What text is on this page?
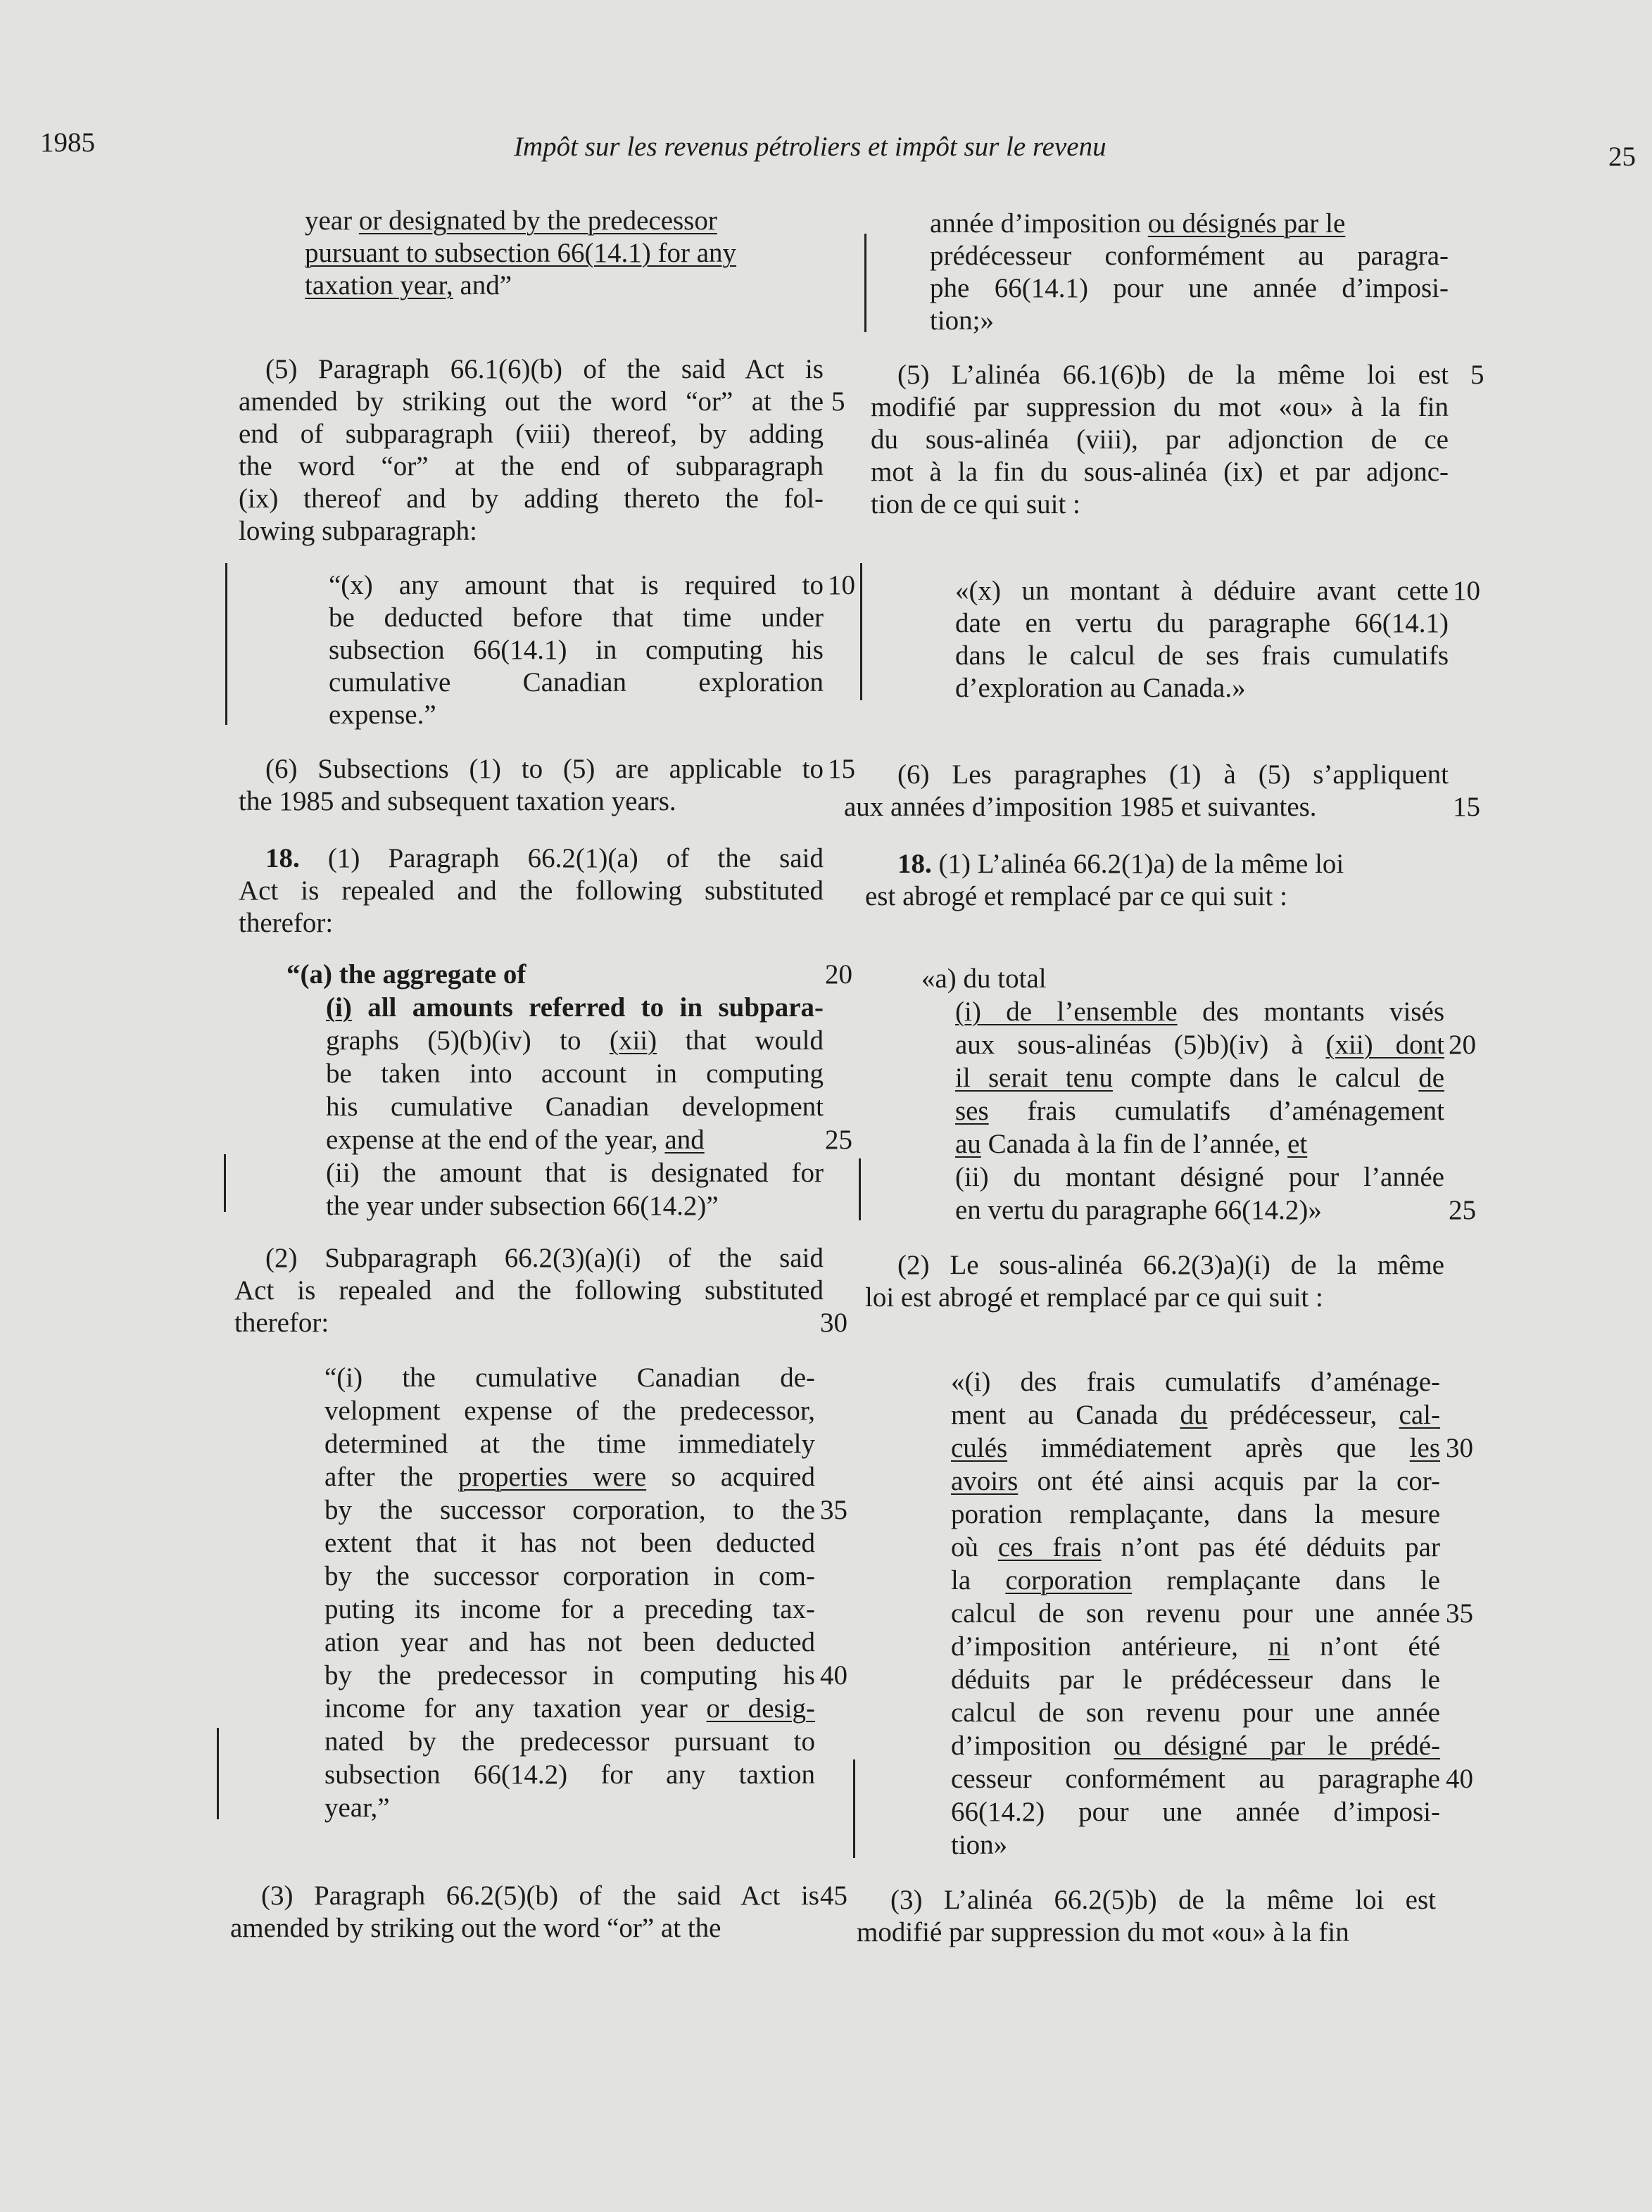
1985	Impôt sur les revenus pétroliers et impôt sur le revenu	25
year or designated by the predecessor
pursuant to subsection 66(14.1) for any
taxation year, and”
(5) Paragraph 66.1(6)(b) of the said Act is
amended by striking out the word “or” at the
end of subparagraph (viii) thereof, by adding
the word “or” at the end of subparagraph
(ix) thereof and by adding thereto the fol-
lowing subparagraph:
“(x) any amount that is required to
be deducted before that time under
subsection 66(14.1) in computing his
cumulative Canadian exploration
expense.”
(6) Subsections (1) to (5) are applicable to
the 1985 and subsequent taxation years.
18. (1) Paragraph 66.2(1)(a) of the said
Act is repealed and the following substituted
therefor:
“(a) the aggregate of
(i) all amounts referred to in subpara-
graphs (5)(b)(iv) to (xii) that would
be taken into account in computing
his cumulative Canadian development
expense at the end of the year, and
(ii) the amount that is designated for
the year under subsection 66(14.2)”
(2) Subparagraph 66.2(3)(a)(i) of the said
Act is repealed and the following substituted
therefor:
“(i) the cumulative Canadian de-
velopment expense of the predecessor,
determined at the time immediately
after the properties were so acquired
by the successor corporation, to the
extent that it has not been deducted
by the successor corporation in com-
puting its income for a preceding tax-
ation year and has not been deducted
by the predecessor in computing his
income for any taxation year or desig-
nated by the predecessor pursuant to
subsection 66(14.2) for any taxtion
year,”
(3) Paragraph 66.2(5)(b) of the said Act is
amended by striking out the word “or” at the
5
10
15
20
25
30
35
40
45
année d’imposition ou désignés par le
prédécesseur conformément au paragra-
phe 66(14.1) pour une année d’imposi-
tion;»
(5) L’alinéa 66.1(6)b) de la même loi est
modifié par suppression du mot «ou» à la fin
du sous-alinéa (viii), par adjonction de ce
mot à la fin du sous-alinéa (ix) et par adjonc-
tion de ce qui suit :
«(x) un montant à déduire avant cette
date en vertu du paragraphe 66(14.1)
dans le calcul de ses frais cumulatifs
d’exploration au Canada.»
(6) Les paragraphes (1) à (5) s’appliquent
aux années d’imposition 1985 et suivantes.
18. (1) L’alinéa 66.2(1)a) de la même loi
est abrogé et remplacé par ce qui suit :
«a) du total
(i) de l’ensemble des montants visés
aux sous-alinéas (5)b)(iv) à (xii) dont
il serait tenu compte dans le calcul de
ses frais cumulatifs d’aménagement
au Canada à la fin de l’année, et
(ii) du montant désigné pour l’année
en vertu du paragraphe 66(14.2)»
(2) Le sous-alinéa 66.2(3)a)(i) de la même
loi est abrogé et remplacé par ce qui suit :
«(i) des frais cumulatifs d’aménage-
ment au Canada du prédécesseur, cal-
culés immédiatement après que les
avoirs ont été ainsi acquis par la cor-
poration remplaçante, dans la mesure
où ces frais n’ont pas été déduits par
la corporation remplaçante dans le
calcul de son revenu pour une année
d’imposition antérieure, ni n’ont été
déduits par le prédécesseur dans le
calcul de son revenu pour une année
d’imposition ou désigné par le prédé-
cesseur conformément au paragraphe
66(14.2) pour une année d’imposi-
tion»
(3) L’alinéa 66.2(5)b) de la même loi est
modifié par suppression du mot «ou» à la fin
5
10
15
20
25
30
35
40
